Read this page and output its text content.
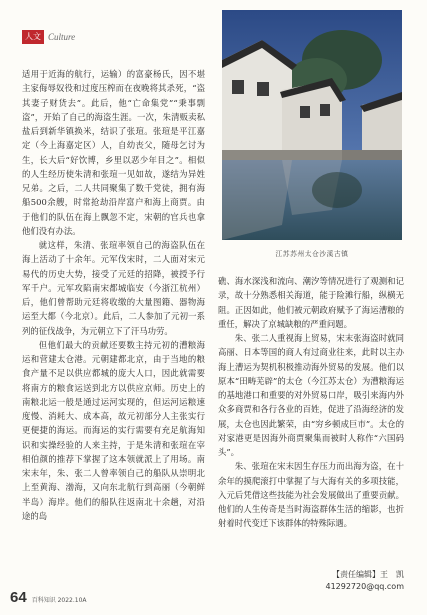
人文 Culture
江苏苏州太仓沙溪古镇

适用于近海的航行，运输）的富豪杨氏，因不堪主家侮辱奴役和过度压榨而在夜晚将其杀死，“盗其妻子财货去”。此后，他“亡命集党”“秉事剽盗”，开始了自己的海盗生涯。一次，朱清贩卖私盐后到新华镇换米，结识了张瑄。张瑄是平江嘉定（今上海嘉定区）人，自幼丧父，随母乞讨为生，长大后“好饮博，乡里以恶少年目之”。相似的人生经历使朱清和张瑄一见如故，遂结为异姓兄弟。之后，二人共同聚集了数千党徒，拥有海船500余艘，时常抢劫沿岸富户和海上商贾。由于他们的队伍在海上飘忽不定，宋朝的官兵也拿他们没有办法。

就这样，朱清、张瑄率领自己的海盗队伍在海上活动了十余年。元军伐宋时，二人面对宋元易代的历史大势，接受了元廷的招降，被授予行军千户。元军攻陷南宋都城临安（今浙江杭州）后，他们曾帮助元廷将收缴的大量图籍、器物海运至大都（今北京）。此后，二人参加了元初一系列的征伐战争，为元朝立下了汗马功劳。

但他们最大的贡献还要数主持元初的漕粮海运和营建太仓港。元朝建都北京，由于当地的粮食产量不足以供应都城的庞大人口，因此就需要将南方的粮食运送到北方以供应京师。历史上的南粮北运一般是通过运河实现的，但运河运粮速度慢、消耗大、成本高，故元初部分人主张实行更便捷的海运。而海运的实行需要有充足航海知识和实操经验的人来主持，于是朱清和张瑄在宰相伯颜的推荐下掌握了这本领就派上了用场。南宋末年，朱、张二人曾率领自己的船队从崇明北上至黄海、渤海，又向东北航行到高丽（今朝鲜半岛）海岸。他们的船队往返南北十余趟，对沿途的岛

礁、海水深浅和流向、潮汐等情况进行了观测和记录，故十分熟悉相关海道，能于险滩行船，纵横无阻。正因如此，他们被元朝政府赋予了海运漕粮的重任，解决了京城缺粮的严重问题。

朱、张二人重视海上贸易，宋末张海盗时就同高丽、日本等国的商人有过商业往来，此时以主办海上漕运为契机积极推动海外贸易的发展。他们以原本“田畴芜辟”的太仓（今江苏太仓）为漕粮海运的基地港口和重要的对外贸易口岸，吸引来海内外众多商贾和各行各业的百姓，促进了沿海经济的发展，太仓也因此繁荣，由“穷乡顿成巨市”。太仓的对家港更是因海外商贾聚集而被时人称作“六国码头”。

朱、张瑄在宋末因生存压力而出海为盗，在十余年的摸爬滚打中掌握了与大海有关的多项技能，入元后凭借这些技能为社会发展做出了重要贡献。他们的人生传奇是当时海盗群体生活的缩影，也折射着时代变迁下该群体的特殊际遇。

【责任编辑】王　凯
41292720@qq.com
64 百科知识 2022.10A
